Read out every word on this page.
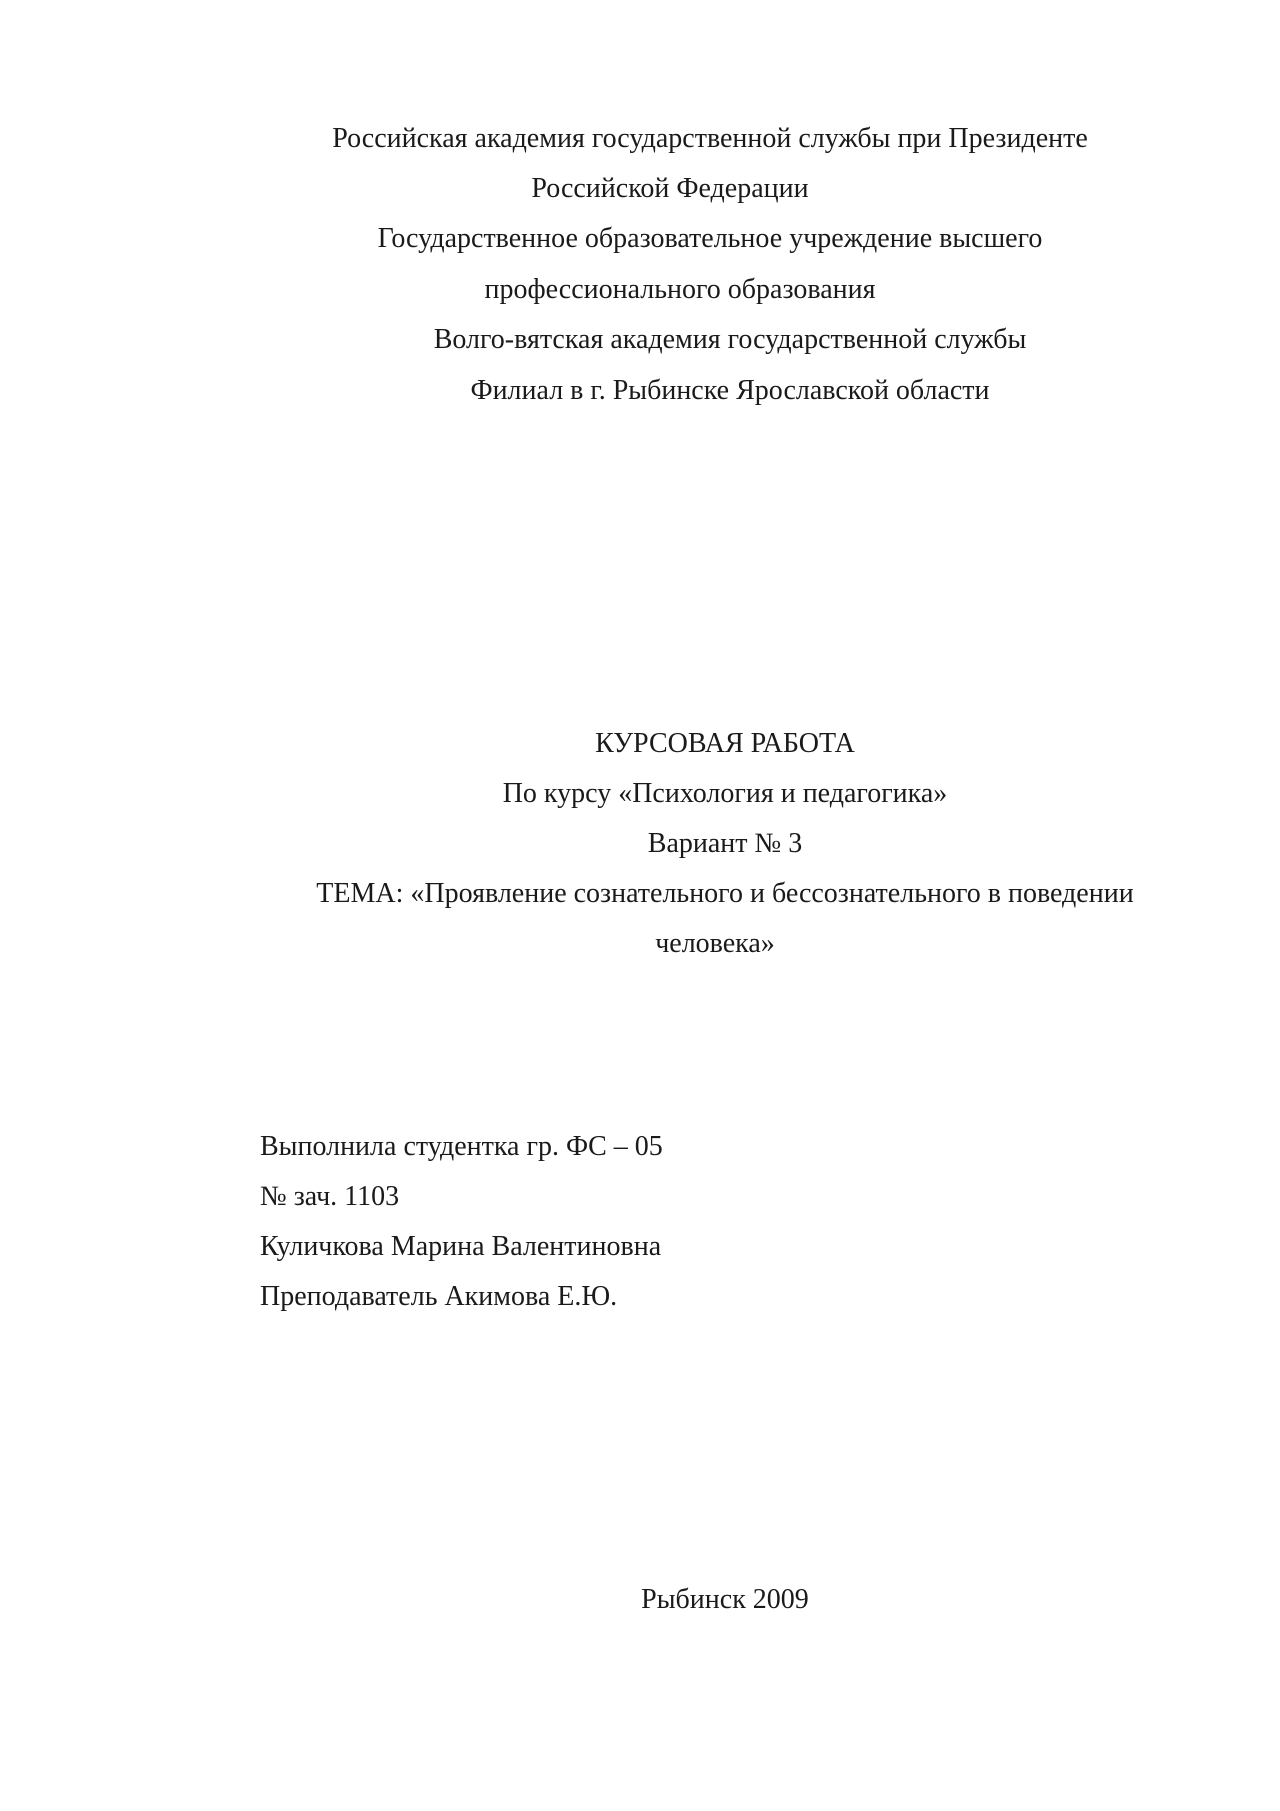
Российская академия государственной службы при Президенте
Российской Федерации
Государственное образовательное учреждение высшего
профессионального образования
Волго-вятская академия государственной службы
Филиал в г. Рыбинске Ярославской области
КУРСОВАЯ РАБОТА
По курсу «Психология и педагогика»
Вариант № 3
ТЕМА: «Проявление сознательного и бессознательного в поведении
человека»
Выполнила студентка гр. ФС – 05
№ зач. 1103
Куличкова Марина Валентиновна
Преподаватель Акимова Е.Ю.
Рыбинск 2009
